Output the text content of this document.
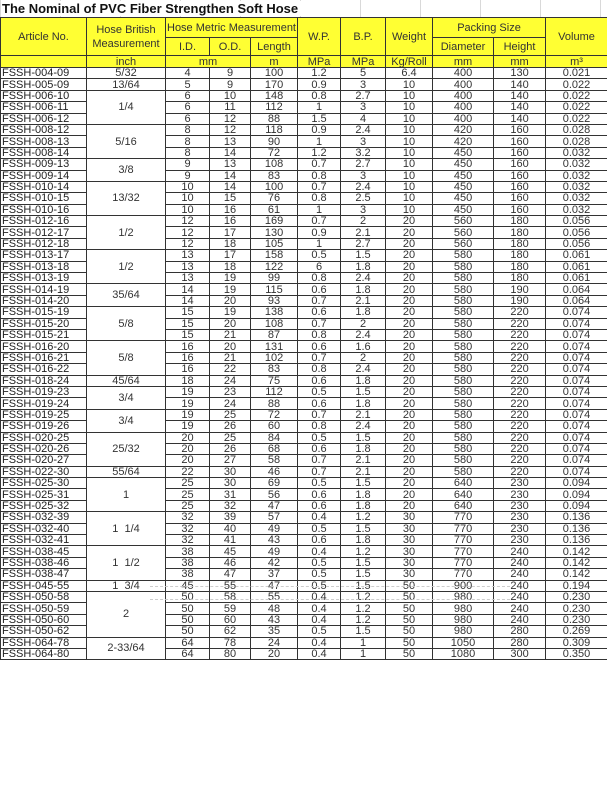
The Nominal of PVC Fiber Strengthen Soft Hose
Article No.	Hose British Measurement	Hose Metric Measurement			W.P.	B.P.	Weight	Packing Size		Volume
		I.D.	O.D.	Length				Diameter	Height	
	inch	mm		m	MPa	MPa	Kg/Roll	mm	mm	m³
FSSH-004-09	5/32	4	9	100	1.2	5	6.4	400	130	0.021
FSSH-005-09	13/64	5	9	170	0.9	3	10	400	140	0.022
FSSH-006-10	1/4	6	10	148	0.8	2.7	10	400	140	0.022
FSSH-006-11		6	11	112	1	3	10	400	140	0.022
FSSH-006-12		6	12	88	1.5	4	10	400	140	0.022
FSSH-008-12	5/16	8	12	118	0.9	2.4	10	420	160	0.028
FSSH-008-13		8	13	90	1	3	10	420	160	0.028
FSSH-008-14		8	14	72	1.2	3.2	10	450	160	0.032
FSSH-009-13	3/8	9	13	108	0.7	2.7	10	450	160	0.032
FSSH-009-14		9	14	83	0.8	3	10	450	160	0.032
FSSH-010-14	13/32	10	14	100	0.7	2.4	10	450	160	0.032
FSSH-010-15		10	15	76	0.8	2.5	10	450	160	0.032
FSSH-010-16		10	16	61	1	3	10	450	160	0.032
FSSH-012-16	1/2	12	16	169	0.7	2	20	560	180	0.056
FSSH-012-17		12	17	130	0.9	2.1	20	560	180	0.056
FSSH-012-18		12	18	105	1	2.7	20	560	180	0.056
FSSH-013-17	1/2	13	17	158	0.5	1.5	20	580	180	0.061
FSSH-013-18		13	18	122	6	1.8	20	580	180	0.061
FSSH-013-19		13	19	99	0.8	2.4	20	580	180	0.061
FSSH-014-19	35/64	14	19	115	0.6	1.8	20	580	190	0.064
FSSH-014-20		14	20	93	0.7	2.1	20	580	190	0.064
FSSH-015-19	5/8	15	19	138	0.6	1.8	20	580	220	0.074
FSSH-015-20		15	20	108	0.7	2	20	580	220	0.074
FSSH-015-21		15	21	87	0.8	2.4	20	580	220	0.074
FSSH-016-20	5/8	16	20	131	0.6	1.6	20	580	220	0.074
FSSH-016-21		16	21	102	0.7	2	20	580	220	0.074
FSSH-016-22		16	22	83	0.8	2.4	20	580	220	0.074
FSSH-018-24	45/64	18	24	75	0.6	1.8	20	580	220	0.074
FSSH-019-23	3/4	19	23	112	0.5	1.5	20	580	220	0.074
FSSH-019-24		19	24	88	0.6	1.8	20	580	220	0.074
FSSH-019-25	3/4	19	25	72	0.7	2.1	20	580	220	0.074
FSSH-019-26		19	26	60	0.8	2.4	20	580	220	0.074
FSSH-020-25	25/32	20	25	84	0.5	1.5	20	580	220	0.074
FSSH-020-26		20	26	68	0.6	1.8	20	580	220	0.074
FSSH-020-27		20	27	58	0.7	2.1	20	580	220	0.074
FSSH-022-30	55/64	22	30	46	0.7	2.1	20	580	220	0.074
FSSH-025-30	1	25	30	69	0.5	1.5	20	640	230	0.094
FSSH-025-31		25	31	56	0.6	1.8	20	640	230	0.094
FSSH-025-32		25	32	47	0.6	1.8	20	640	230	0.094
FSSH-032-39	1  1/4	32	39	57	0.4	1.2	30	770	230	0.136
FSSH-032-40		32	40	49	0.5	1.5	30	770	230	0.136
FSSH-032-41		32	41	43	0.6	1.8	30	770	230	0.136
FSSH-038-45	1  1/2	38	45	49	0.4	1.2	30	770	240	0.142
FSSH-038-46		38	46	42	0.5	1.5	30	770	240	0.142
FSSH-038-47		38	47	37	0.5	1.5	30	770	240	0.142
FSSH-045-55	1  3/4	45	55	47	0.5	1.5	50	900	240	0.194
FSSH-050-58	2	50	58	55	0.4	1.2	50	980	240	0.230
FSSH-050-59		50	59	48	0.4	1.2	50	980	240	0.230
FSSH-050-60		50	60	43	0.4	1.2	50	980	240	0.230
FSSH-050-62		50	62	35	0.5	1.5	50	980	280	0.269
FSSH-064-78	2-33/64	64	78	24	0.4	1	50	1050	280	0.309
FSSH-064-80		64	80	20	0.4	1	50	1080	300	0.350
